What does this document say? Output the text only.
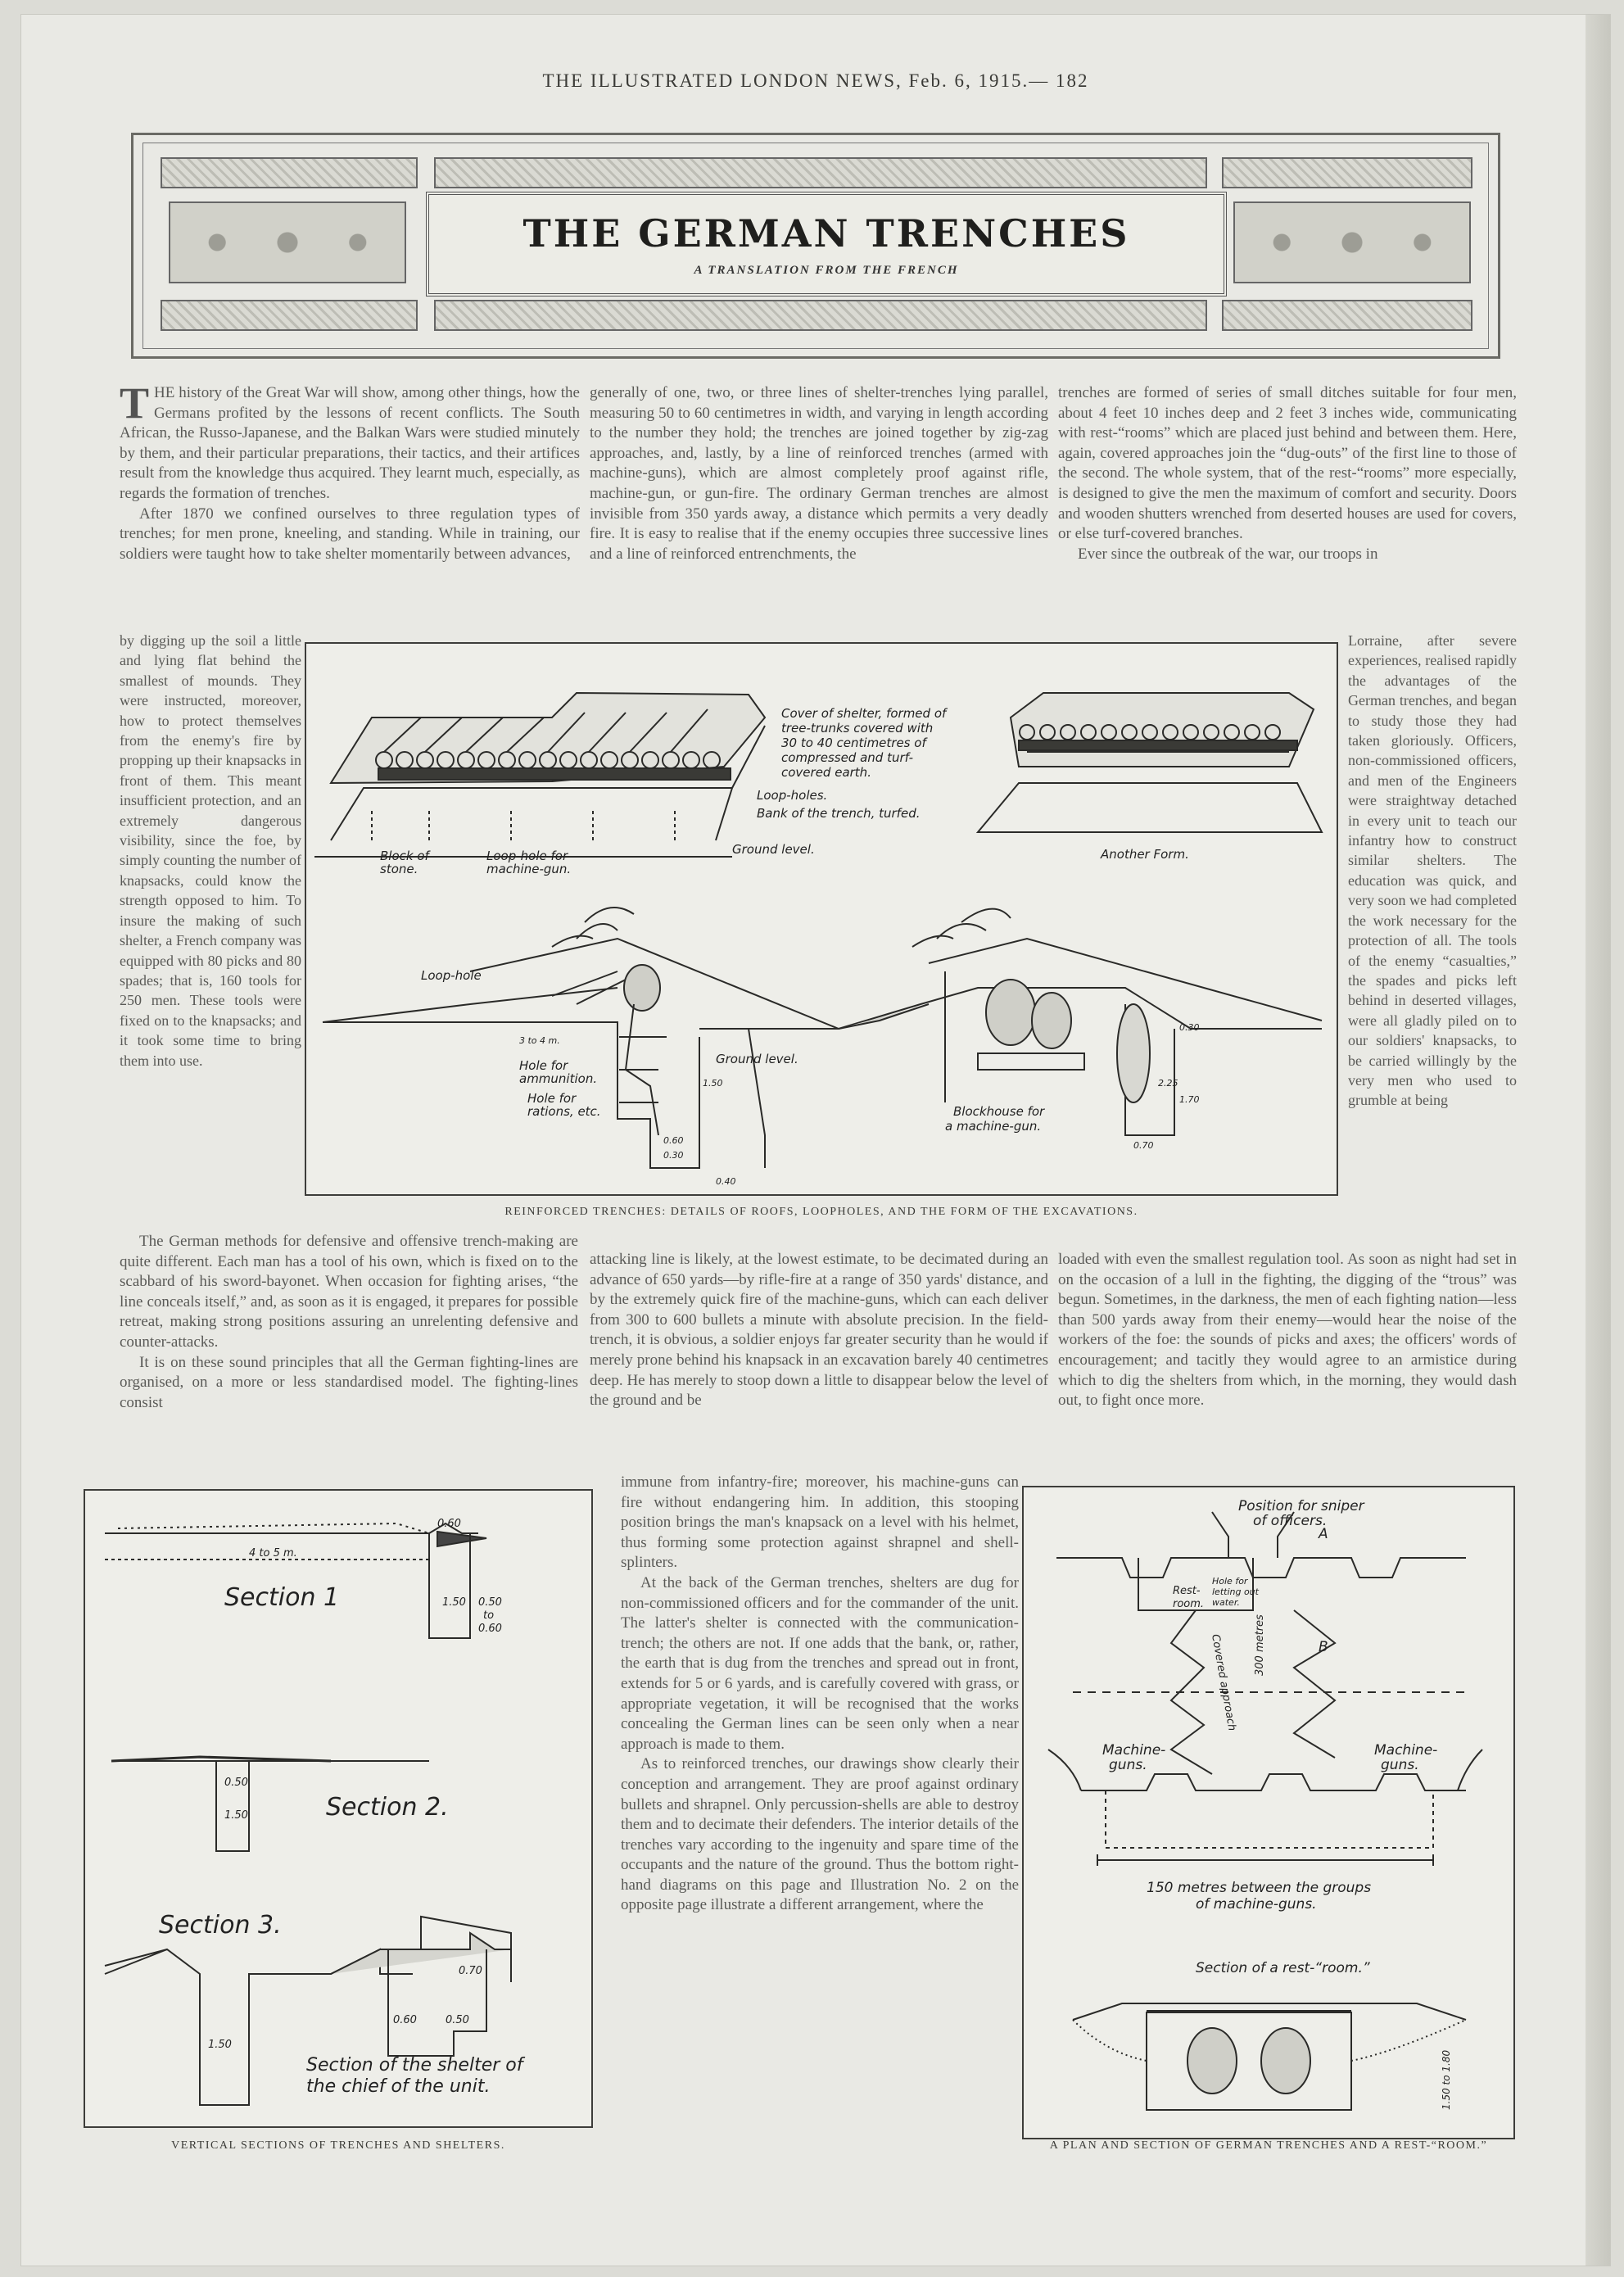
THE ILLUSTRATED LONDON NEWS, Feb. 6, 1915.— 182
THE GERMAN TRENCHES
A TRANSLATION FROM THE FRENCH

THE history of the Great War will show, among other things, how the Germans profited by the lessons of recent conflicts. The South African, the Russo-Japanese, and the Balkan Wars were studied minutely by them, and their particular preparations, their tactics, and their artifices result from the knowledge thus acquired. They learnt much, especially, as regards the formation of trenches.

After 1870 we confined ourselves to three regulation types of trenches; for men prone, kneeling, and standing. While in training, our soldiers were taught how to take shelter momentarily between advances,

generally of one, two, or three lines of shelter-trenches lying parallel, measuring 50 to 60 centimetres in width, and varying in length according to the number they hold; the trenches are joined together by zig-zag approaches, and, lastly, by a line of reinforced trenches (armed with machine-guns), which are almost completely proof against rifle, machine-gun, or gun-fire. The ordinary German trenches are almost invisible from 350 yards away, a distance which permits a very deadly fire. It is easy to realise that if the enemy occupies three successive lines and a line of reinforced entrenchments, the

trenches are formed of series of small ditches suitable for four men, about 4 feet 10 inches deep and 2 feet 3 inches wide, communicating with rest-“rooms” which are placed just behind and between them. Here, again, covered approaches join the “dug-outs” of the first line to those of the second. The whole system, that of the rest-“rooms” more especially, is designed to give the men the maximum of comfort and security. Doors and wooden shutters wrenched from deserted houses are used for covers, or else turf-covered branches.

Ever since the outbreak of the war, our troops in

by digging up the soil a little and lying flat behind the smallest of mounds. They were instructed, moreover, how to protect themselves from the enemy's fire by propping up their knapsacks in front of them. This meant insufficient protection, and an extremely dangerous visibility, since the foe, by simply counting the number of knapsacks, could know the strength opposed to him. To insure the making of such shelter, a French company was equipped with 80 picks and 80 spades; that is, 160 tools for 250 men. These tools were fixed on to the knapsacks; and it took some time to bring them into use.

Lorraine, after severe experiences, realised rapidly the advantages of the German trenches, and began to study those they had taken gloriously. Officers, non-commissioned officers, and men of the Engineers were straightway detached in every unit to teach our infantry how to construct similar shelters. The education was quick, and very soon we had completed the work necessary for the protection of all. The tools of the enemy “casualties,” the spades and picks left behind in deserted villages, were all gladly piled on to our soldiers' knapsacks, to be carried willingly by the very men who used to grumble at being

Cover of shelter, formed of
tree-trunks covered with
30 to 40 centimetres of
compressed and turf-
covered earth.
Loop-holes.
Bank of the trench, turfed.
Ground level.
Block of
stone.
Loop-hole for
machine-gun.
Another Form.
Loop-hole
3 to 4 m.
Hole for
ammunition.
Hole for
rations, etc.
Ground level.
Blockhouse for
a machine-gun.
1.50
0.60
0.30
0.40
0.30
2.25
1.70
0.70
REINFORCED TRENCHES: DETAILS OF ROOFS, LOOPHOLES, AND THE FORM OF THE EXCAVATIONS.

The German methods for defensive and offensive trench-making are quite different. Each man has a tool of his own, which is fixed on to the scabbard of his sword-bayonet. When occasion for fighting arises, “the line conceals itself,” and, as soon as it is engaged, it prepares for possible retreat, making strong positions assuring an unrelenting defensive and counter-attacks.

It is on these sound principles that all the German fighting-lines are organised, on a more or less standardised model. The fighting-lines consist

attacking line is likely, at the lowest estimate, to be decimated during an advance of 650 yards—by rifle-fire at a range of 350 yards' distance, and by the extremely quick fire of the machine-guns, which can each deliver from 300 to 600 bullets a minute with absolute precision. In the field-trench, it is obvious, a soldier enjoys far greater security than he would if merely prone behind his knapsack in an excavation barely 40 centimetres deep. He has merely to stoop down a little to disappear below the level of the ground and be

loaded with even the smallest regulation tool. As soon as night had set in on the occasion of a lull in the fighting, the digging of the “trous” was begun. Sometimes, in the darkness, the men of each fighting nation—less than 500 yards away from their enemy—would hear the noise of the workers of the foe: the sounds of picks and axes; the officers' words of encouragement; and tacitly they would agree to an armistice during which to dig the shelters from which, in the morning, they would dash out, to fight once more.

4 to 5 m.
0.60
1.50 0.50
to
0.60
0.50
1.50
1.50
0.70
0.60	0.50
Section 1
Section 2.
Section 3.
Section of the shelter of
the chief of the unit.
VERTICAL SECTIONS OF TRENCHES AND SHELTERS.

immune from infantry-fire; moreover, his machine-guns can fire without endangering him. In addition, this stooping position brings the man's knapsack on a level with his helmet, thus forming some protection against shrapnel and shell-splinters.

At the back of the German trenches, shelters are dug for non-commissioned officers and for the commander of the unit. The latter's shelter is connected with the communication-trench; the others are not. If one adds that the bank, or, rather, the earth that is dug from the trenches and spread out in front, extends for 5 or 6 yards, and is carefully covered with grass, or appropriate vegetation, it will be recognised that the works concealing the German lines can be seen only when a near approach is made to them.

As to reinforced trenches, our drawings show clearly their conception and arrangement. They are proof against ordinary bullets and shrapnel. Only percussion-shells are able to destroy them and to decimate their defenders. The interior details of the trenches vary according to the ingenuity and spare time of the occupants and the nature of the ground. Thus the bottom right-hand diagrams on this page and Illustration No. 2 on the opposite page illustrate a different arrangement, where the

Position for sniper
of officers.
A
B
Rest-
room.
Hole for
letting out
water.
Covered approach 300 metres
Machine-
guns.
Machine-
guns.
150 metres between the groups
of machine-guns.
Section of a rest-“room.”
1.50 to 1.80
A PLAN AND SECTION OF GERMAN TRENCHES AND A REST-“ROOM.”
